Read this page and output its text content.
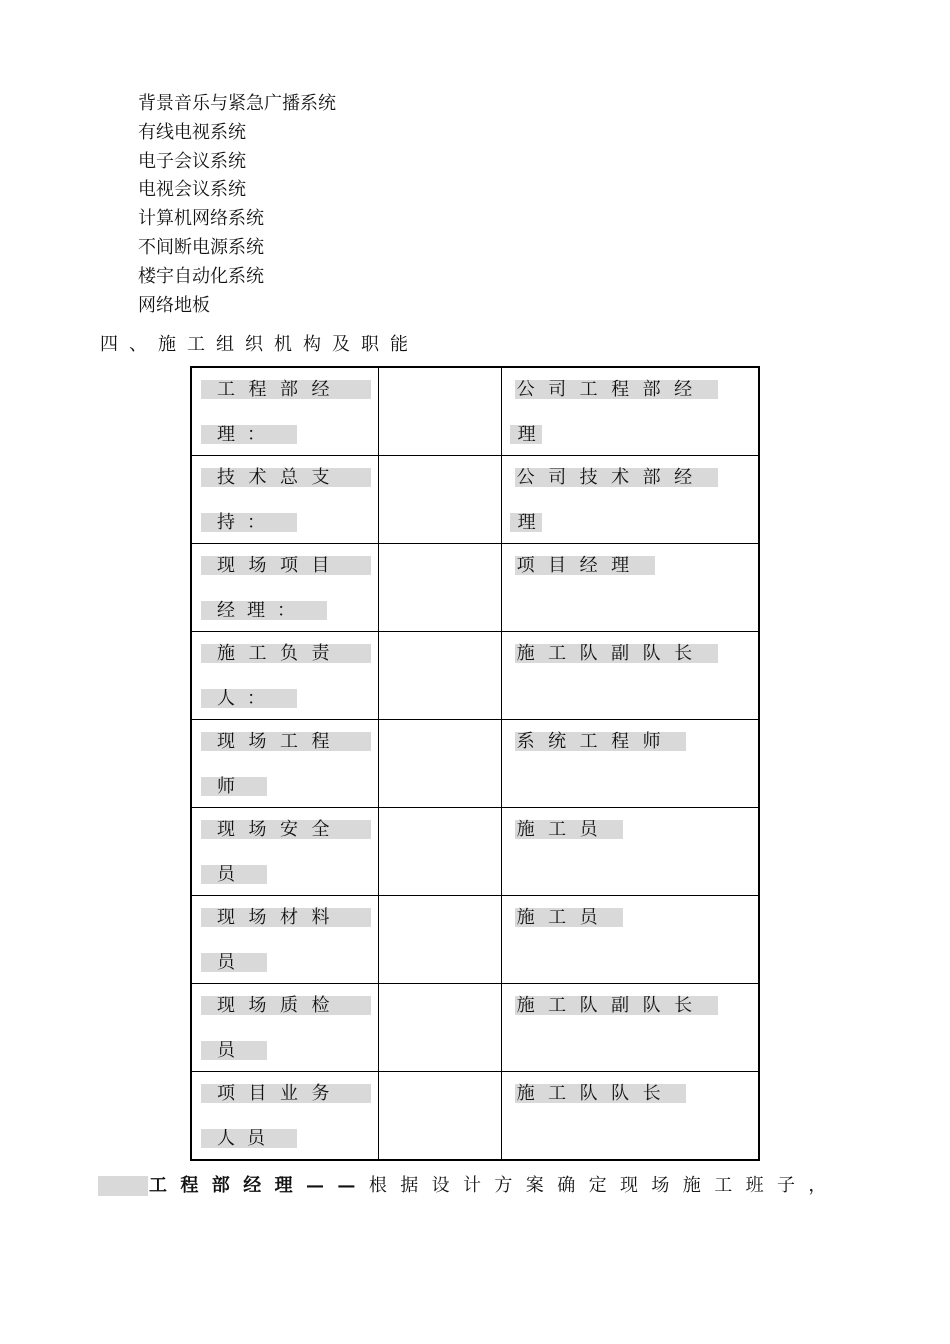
背景音乐与紧急广播系统
有线电视系统
电子会议系统
电视会议系统
计算机网络系统
不间断电源系统
楼宇自动化系统
网络地板
四、施工组织机构及职能
工程部经
理：		公司工程部经
理

技术总支
持：		公司技术部经
理

现场项目
经理：		项目经理

施工负责
人：		施工队副队长

现场工程
师		系统工程师

现场安全
员		施工员

现场材料
员		施工员

现场质检
员		施工队副队长

项目业务
人员		施工队队长
工程部经理——根据设计方案确定现场施工班子，
